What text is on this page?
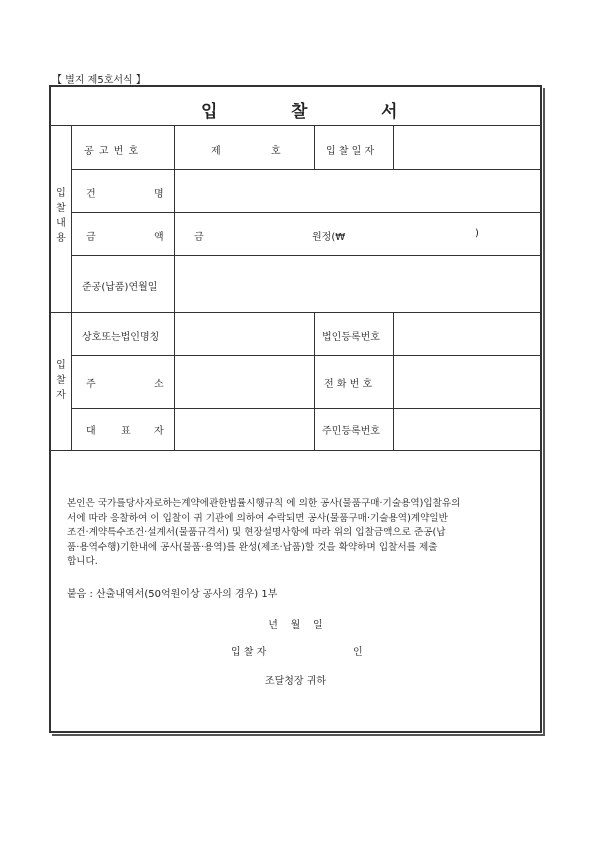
【 별지 제5호서식 】
입	찰	서
입
찰
내
용
공 고 번 호	제	호	입 찰 일 자
건	명
금	액	금	원정(₩	)
준공(납품)연월일
입
찰
자
상호또는법인명칭	법인등록번호
주	소	전 화 번 호
대	표 자	주민등록번호
본인은 국가를당사자로하는계약에관한법률시행규칙 에 의한 공사(물품구매·기술용역)입찰유의
서에 따라 응찰하여 이 입찰이 귀 기관에 의하여 수락되면 공사(물품구매·기술용역)계약일반
조건·계약특수조건·설계서(물품규격서) 및 현장설명사항에 따라 위의 입찰금액으로 준공(납
품·용역수행)기한내에 공사(물품·용역)를 완성(제조·납품)할 것을 확약하며 입찰서를 제출
합니다.
붙음 : 산출내역서(50억원이상 공사의 경우) 1부
년    월    일
입 찰 자	인
조달청장 귀하
